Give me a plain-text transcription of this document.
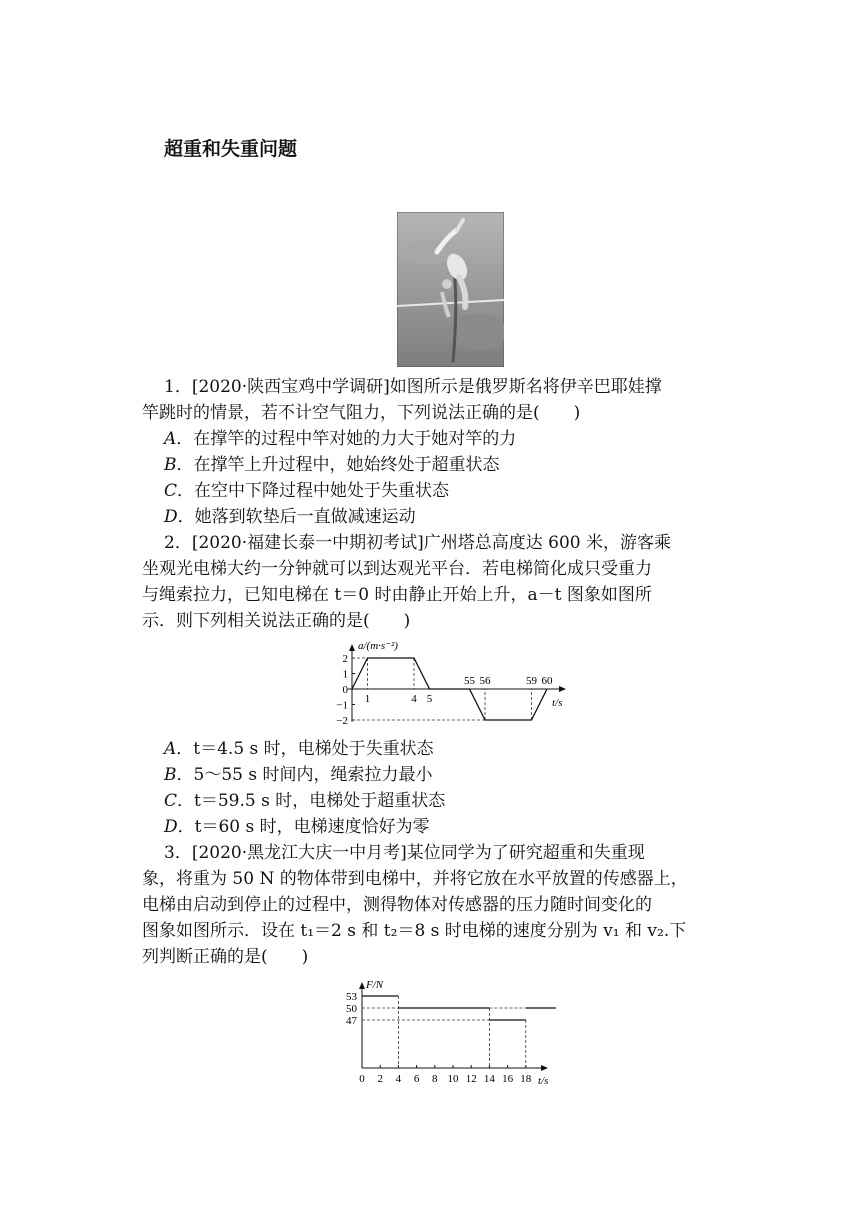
超重和失重问题
1．[2020·陕西宝鸡中学调研]如图所示是俄罗斯名将伊辛巴耶娃撑
竿跳时的情景，若不计空气阻力，下列说法正确的是(　　)
A．在撑竿的过程中竿对她的力大于她对竿的力
B．在撑竿上升过程中，她始终处于超重状态
C．在空中下降过程中她处于失重状态
D．她落到软垫后一直做减速运动
2．[2020·福建长泰一中期初考试]广州塔总高度达 600 米，游客乘
坐观光电梯大约一分钟就可以到达观光平台．若电梯简化成只受重力
与绳索拉力，已知电梯在 t＝0 时由静止开始上升，a－t 图象如图所
示．则下列相关说法正确的是(　　)
a/(m·s⁻²)
t/s
2
1
0
−1
−2
1	4 5
55 56	59 60
A．t＝4.5 s 时，电梯处于失重状态
B．5～55 s 时间内，绳索拉力最小
C．t＝59.5 s 时，电梯处于超重状态
D．t＝60 s 时，电梯速度恰好为零
3．[2020·黑龙江大庆一中月考]某位同学为了研究超重和失重现
象，将重为 50 N 的物体带到电梯中，并将它放在水平放置的传感器上，
电梯由启动到停止的过程中，测得物体对传感器的压力随时间变化的
图象如图所示．设在 t₁＝2 s 和 t₂＝8 s 时电梯的速度分别为 v₁ 和 v₂.下
列判断正确的是(　　)
F/N
t/s
53
50
47
0 2 4 6 8 10 12 14 16 18
